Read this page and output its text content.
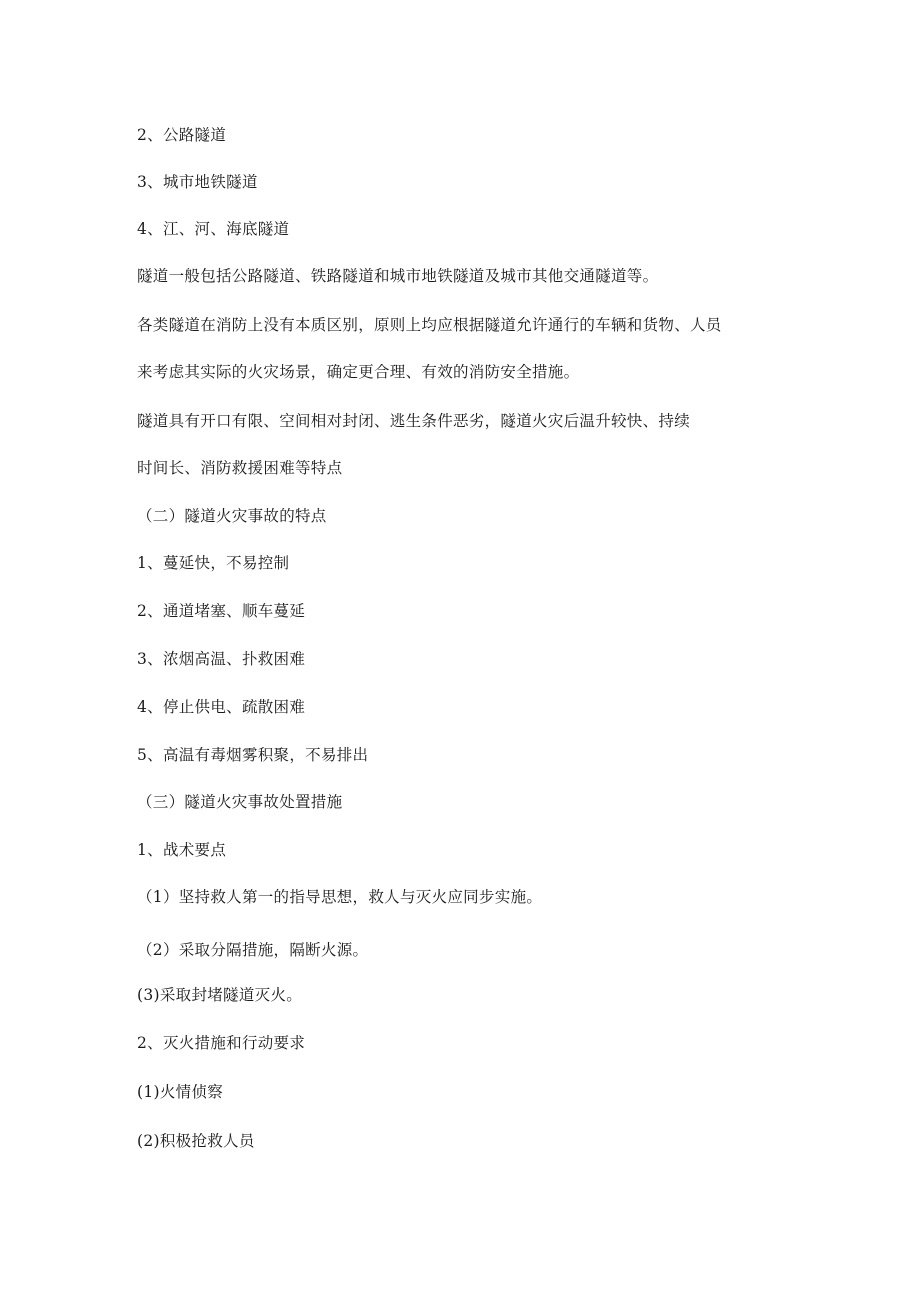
2、公路隧道
3、城市地铁隧道
4、江、河、海底隧道
隧道一般包括公路隧道、铁路隧道和城市地铁隧道及城市其他交通隧道等。
各类隧道在消防上没有本质区别，原则上均应根据隧道允许通行的车辆和货物、人员
来考虑其实际的火灾场景，确定更合理、有效的消防安全措施。
隧道具有开口有限、空间相对封闭、逃生条件恶劣，隧道火灾后温升较快、持续
时间长、消防救援困难等特点
（二）隧道火灾事故的特点
1、蔓延快，不易控制
2、通道堵塞、顺车蔓延
3、浓烟高温、扑救困难
4、停止供电、疏散困难
5、高温有毒烟雾积聚，不易排出
（三）隧道火灾事故处置措施
1、战术要点
（1）坚持救人第一的指导思想，救人与灭火应同步实施。
（2）采取分隔措施，隔断火源。
(3)采取封堵隧道灭火。
2、灭火措施和行动要求
(1)火情侦察
(2)积极抢救人员
